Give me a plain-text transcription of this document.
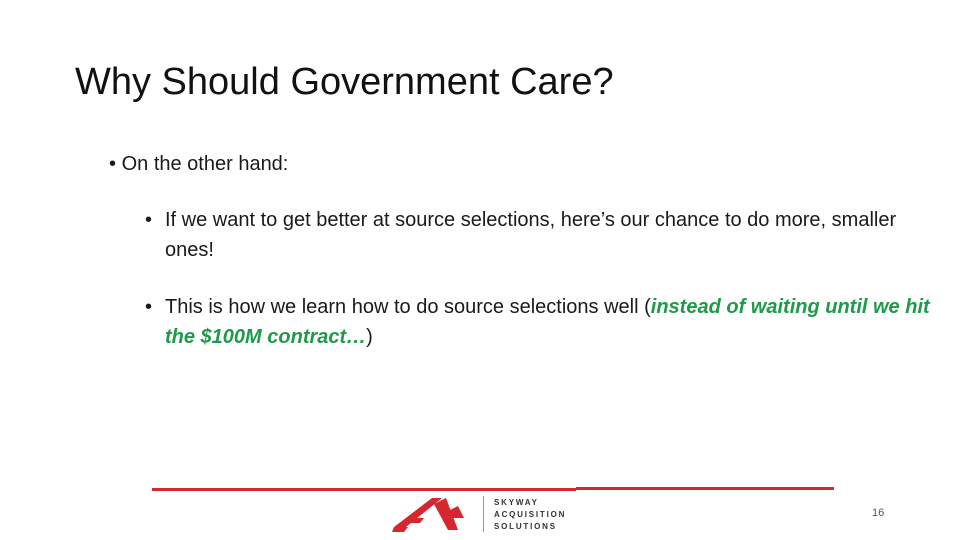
Why Should Government Care?
• On the other hand:
• If we want to get better at source selections, here’s our chance to do more, smaller ones!
• This is how we learn how to do source selections well (instead of waiting until we hit the $100M contract…)
SKYWAY
ACQUISITION
SOLUTIONS
16
